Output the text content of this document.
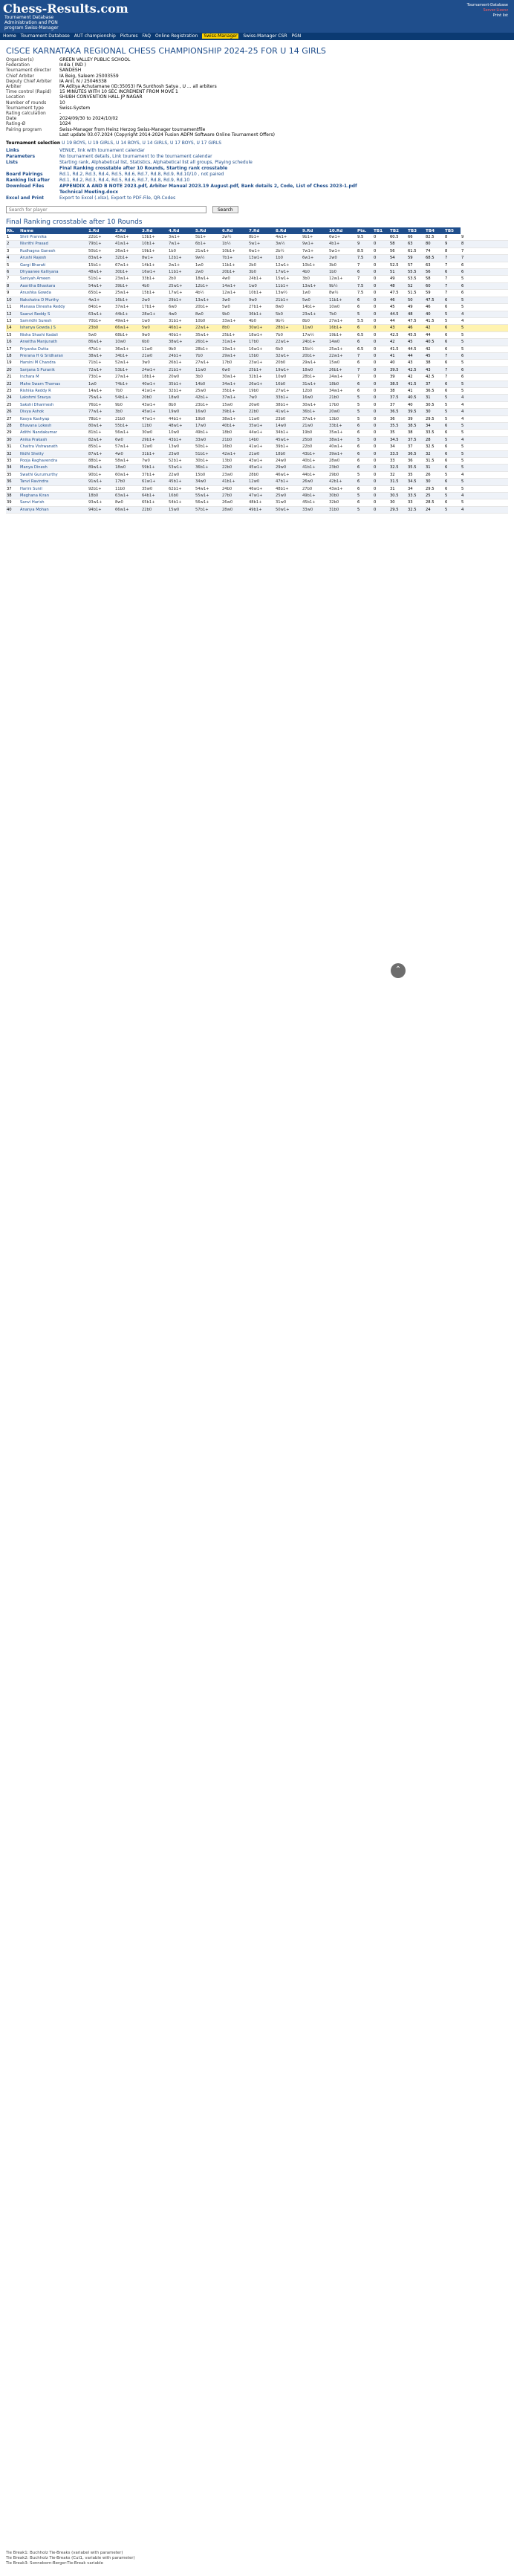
Chess-Results.com
Tournament Database
Administration and PGN
program Swiss-Manager
Tournament-Database
Server-Lizenz
Print list
Home Tournament Database AUT championship Pictures FAQ Online Registration Swiss-Manager Swiss-Manager CSR PGN
CISCE KARNATAKA REGIONAL CHESS CHAMPIONSHIP 2024-25 FOR U 14 GIRLS
Organizer(s)	GREEN VALLEY PUBLIC SCHOOL
Federation	India ( IND )
Tournament director	SANDESH
Chief Arbiter	IA Beig, Saleem 25003559
Deputy Chief Arbiter	IA Anil, N / 25046338
Arbiter	FA Aditya Achutamane (ID:35053) FA Sunthosh Satya , U ... all arbiters
Time control (Rapid)	15 MINUTES WITH 10 SEC INCREMENT FROM MOVE 1
Location	SHUBH CONVENTION HALL JP NAGAR
Number of rounds	10
Tournament type	Swiss-System
Rating calculation	-
Date	2024/09/30 to 2024/10/02
Rating-Ø	1024
Pairing program	Swiss-Manager from Heinz Herzog Swiss-Manager tournamentfile
	Last update 03.07.2024 (Copyright 2014-2024 Fusion ADFM Software Online Tournament Offers)
Tournament selection U 19 BOYS, U 19 GIRLS, U 14 BOYS, U 14 GIRLS, U 17 BOYS, U 17 GIRLS
Links	VENUE, link with tournament calendar
Parameters	No tournament details, Link tournament to the tournament calendar
Lists	Starting rank, Alphabetical list, Statistics, Alphabetical list all groups, Playing schedule
	Final Ranking crosstable after 10 Rounds, Starting rank crosstable
Board Pairings	Rd.1, Rd.2, Rd.3, Rd.4, Rd.5, Rd.6, Rd.7, Rd.8, Rd.9, Rd.10/10 , not paired
Ranking list after	Rd.1, Rd.2, Rd.3, Rd.4, Rd.5, Rd.6, Rd.7, Rd.8, Rd.9, Rd.10
Download Files	APPENDIX A AND B NOTE 2023.pdf, Arbiter Manual 2023.19 August.pdf, Bank details 2, Code, List of Chess 2023-1.pdf
	Technical Meeting.docx
Excel and Print	Export to Excel (.xlsx), Export to PDF-File, QR-Codes
Search for player
Search
Final Ranking crosstable after 10 Rounds
Rk.	Name	1.Rd	2.Rd	3.Rd	4.Rd	5.Rd	6.Rd	7.Rd	8.Rd	9.Rd	10.Rd	Pts.	TB1	TB2	TB3	TB4	TB5	
1	Shrii Prannika	22b1+	45w1+	13b1+	3w1+	5b1+	2w½	8b1+	4w1+	9b1+	6w1+	9.5	0	60.5	66	82.5	8	9
2	Nivrithi Prasad	79b1+	41w1+	10b1+	7w1+	6b1+	1b½	5w1+	3w½	9w1+	4b1+	9	0	58	63	80	9	8
3	Rudhagna Ganesh	50b1+	26w1+	19b1+	1b0	21w1+	10b1+	6w1+	2b½	7w1+	5w1+	8.5	0	56	61.5	74	8	7
4	Arushi Rajesh	83w1+	32b1+	8w1+	12b1+	9w½	7b1+	13w1+	1b0	6w1+	2w0	7.5	0	54	59	68.5	7	7
5	Gargi Bharati	15b1+	67w1+	14b1+	2w1+	1w0	11b1+	2b0	12w1+	10b1+	3b0	7	0	52.5	57	63	7	6
6	Dhyaanee Kalliyana	48w1+	30b1+	16w1+	11b1+	2w0	20b1+	3b0	17w1+	4b0	1b0	6	0	51	55.5	56	6	6
7	Saniyah Ameen	51b1+	23w1+	33b1+	2b0	18w1+	4w0	24b1+	15w1+	3b0	12w1+	7	0	49	53.5	58	7	5
8	Aasritha Bhaskara	54w1+	39b1+	4b0	25w1+	12b1+	14w1+	1w0	11b1+	13w1+	9b½	7.5	0	48	52	60	7	6
9	Anushka Gowda	65b1+	25w1+	15b1+	17w1+	4b½	12w1+	10b1+	13w½	1w0	8w½	7.5	0	47.5	51.5	59	7	6
10	Nakshatra D Murthy	4w1+	16b1+	2w0	29b1+	13w1+	3w0	9w0	21b1+	5w0	11b1+	6	0	46	50	47.5	6	5
11	Manasa Dinesha Reddy	84b1+	37w1+	17b1+	6w0	20b1+	5w0	27b1+	8w0	14b1+	10w0	6	0	45	49	46	6	5
12	Saanvi Reddy S	63w1+	44b1+	28w1+	4w0	8w0	9b0	36b1+	5b0	23w1+	7b0	5	0	44.5	48	40	5	4
13	Samridhi Suresh	70b1+	49w1+	1w0	31b1+	10b0	33w1+	4b0	9b½	8b0	27w1+	5.5	0	44	47.5	41.5	5	4
14	Ishanya Gowda J S	23b0	66w1+	5w0	46b1+	22w1+	8b0	30w1+	28b1+	11w0	16b1+	6	0	43	46	42	6	5
15	Nisha Shashi Kadali	5w0	68b1+	9w0	40b1+	35w1+	25b1+	18w1+	7b0	17w½	19b1+	6.5	0	42.5	45.5	44	6	5
16	Anwitha Manjunath	86w1+	10w0	6b0	38w1+	26b1+	31w1+	17b0	22w1+	24b1+	14w0	6	0	42	45	40.5	6	5
17	Priyanka Dutta	47b1+	36w1+	11w0	9b0	28b1+	19w1+	16w1+	6b0	15b½	25w1+	6.5	0	41.5	44.5	42	6	5
18	Prerana H G Sridharan	38w1+	34b1+	21w0	24b1+	7b0	29w1+	15b0	32w1+	20b1+	22w1+	7	0	41	44	45	7	6
19	Harsini M Chandra	71b1+	52w1+	3w0	26b1+	27w1+	17b0	23w1+	20b0	29w1+	15w0	6	0	40	43	38	6	5
20	Sanjana S Puranik	72w1+	53b1+	24w1+	21b1+	11w0	6w0	25b1+	19w1+	18w0	26b1+	7	0	39.5	42.5	43	7	6
21	Inchara M	73b1+	27w1+	18b1+	20w0	3b0	30w1+	32b1+	10w0	28b1+	24w1+	7	0	39	42	42.5	7	6
22	Mahe Swarn Thomas	1w0	74b1+	40w1+	35b1+	14b0	34w1+	26w1+	16b0	31w1+	18b0	6	0	38.5	41.5	37	6	5
23	Rishika Reddy R	14w1+	7b0	41w1+	32b1+	25w0	35b1+	19b0	27w1+	12b0	34w1+	6	0	38	41	36.5	6	5
24	Lakshmi Sravya	75w1+	54b1+	20b0	18w0	42b1+	37w1+	7w0	33b1+	16w0	21b0	5	0	37.5	40.5	31	5	4
25	Sakshi Dharmesh	76b1+	9b0	43w1+	8b0	23b1+	15w0	20w0	38b1+	30w1+	17b0	5	0	37	40	30.5	5	4
26	Divya Ashok	77w1+	3b0	45w1+	19w0	16w0	39b1+	22b0	41w1+	36b1+	20w0	5	0	36.5	39.5	30	5	4
27	Kavya Kashyap	78b1+	21b0	47w1+	44b1+	19b0	38w1+	11w0	23b0	37w1+	13b0	5	0	36	39	29.5	5	4
28	Bhavana Lokesh	80w1+	55b1+	12b0	48w1+	17w0	40b1+	35w1+	14w0	21w0	33b1+	6	0	35.5	38.5	34	6	5
29	Adithi Nandakumar	81b1+	56w1+	30w0	10w0	49b1+	18b0	44w1+	34b1+	19b0	35w1+	6	0	35	38	33.5	6	5
30	Anika Prakash	82w1+	6w0	29b1+	43b1+	33w0	21b0	14b0	45w1+	25b0	38w1+	5	0	34.5	37.5	28	5	4
31	Chaitra Vishwanath	85b1+	57w1+	32w0	13w0	50b1+	16b0	41w1+	39b1+	22b0	40w1+	6	0	34	37	32.5	6	5
32	Nidhi Shetty	87w1+	4w0	31b1+	23w0	51b1+	42w1+	21w0	18b0	43b1+	39w1+	6	0	33.5	36.5	32	6	5
33	Pooja Raghavendra	88b1+	58w1+	7w0	52b1+	30b1+	13b0	43w1+	24w0	40b1+	28w0	6	0	33	36	31.5	6	5
34	Manya Dinesh	89w1+	18w0	59b1+	53w1+	36b1+	22b0	45w1+	29w0	41b1+	23b0	6	0	32.5	35.5	31	6	5
35	Swathi Gurumurthy	90b1+	60w1+	37b1+	22w0	15b0	23w0	28b0	46w1+	44b1+	29b0	5	0	32	35	26	5	4
36	Tanvi Ravindra	91w1+	17b0	61w1+	45b1+	34w0	41b1+	12w0	47b1+	26w0	42b1+	6	0	31.5	34.5	30	6	5
37	Harini Sunil	92b1+	11b0	35w0	62b1+	54w1+	24b0	46w1+	48b1+	27b0	43w1+	6	0	31	34	29.5	6	5
38	Meghana Kiran	18b0	63w1+	64b1+	16b0	55w1+	27b0	47w1+	25w0	49b1+	30b0	5	0	30.5	33.5	25	5	4
39	Sanvi Harish	93w1+	8w0	65b1+	54b1+	56w1+	26w0	48b1+	31w0	45b1+	32b0	6	0	30	33	28.5	6	5
40	Ananya Mohan	94b1+	66w1+	22b0	15w0	57b1+	28w0	49b1+	50w1+	33w0	31b0	5	0	29.5	32.5	24	5	4
⌃
Tie Break1: Buchholz Tie-Breaks (variabel with parameter)
Tie Break2: Buchholz Tie-Breaks (Cut1, variable with parameter)
Tie Break3: Sonneborn-Berger-Tie-Break variable
